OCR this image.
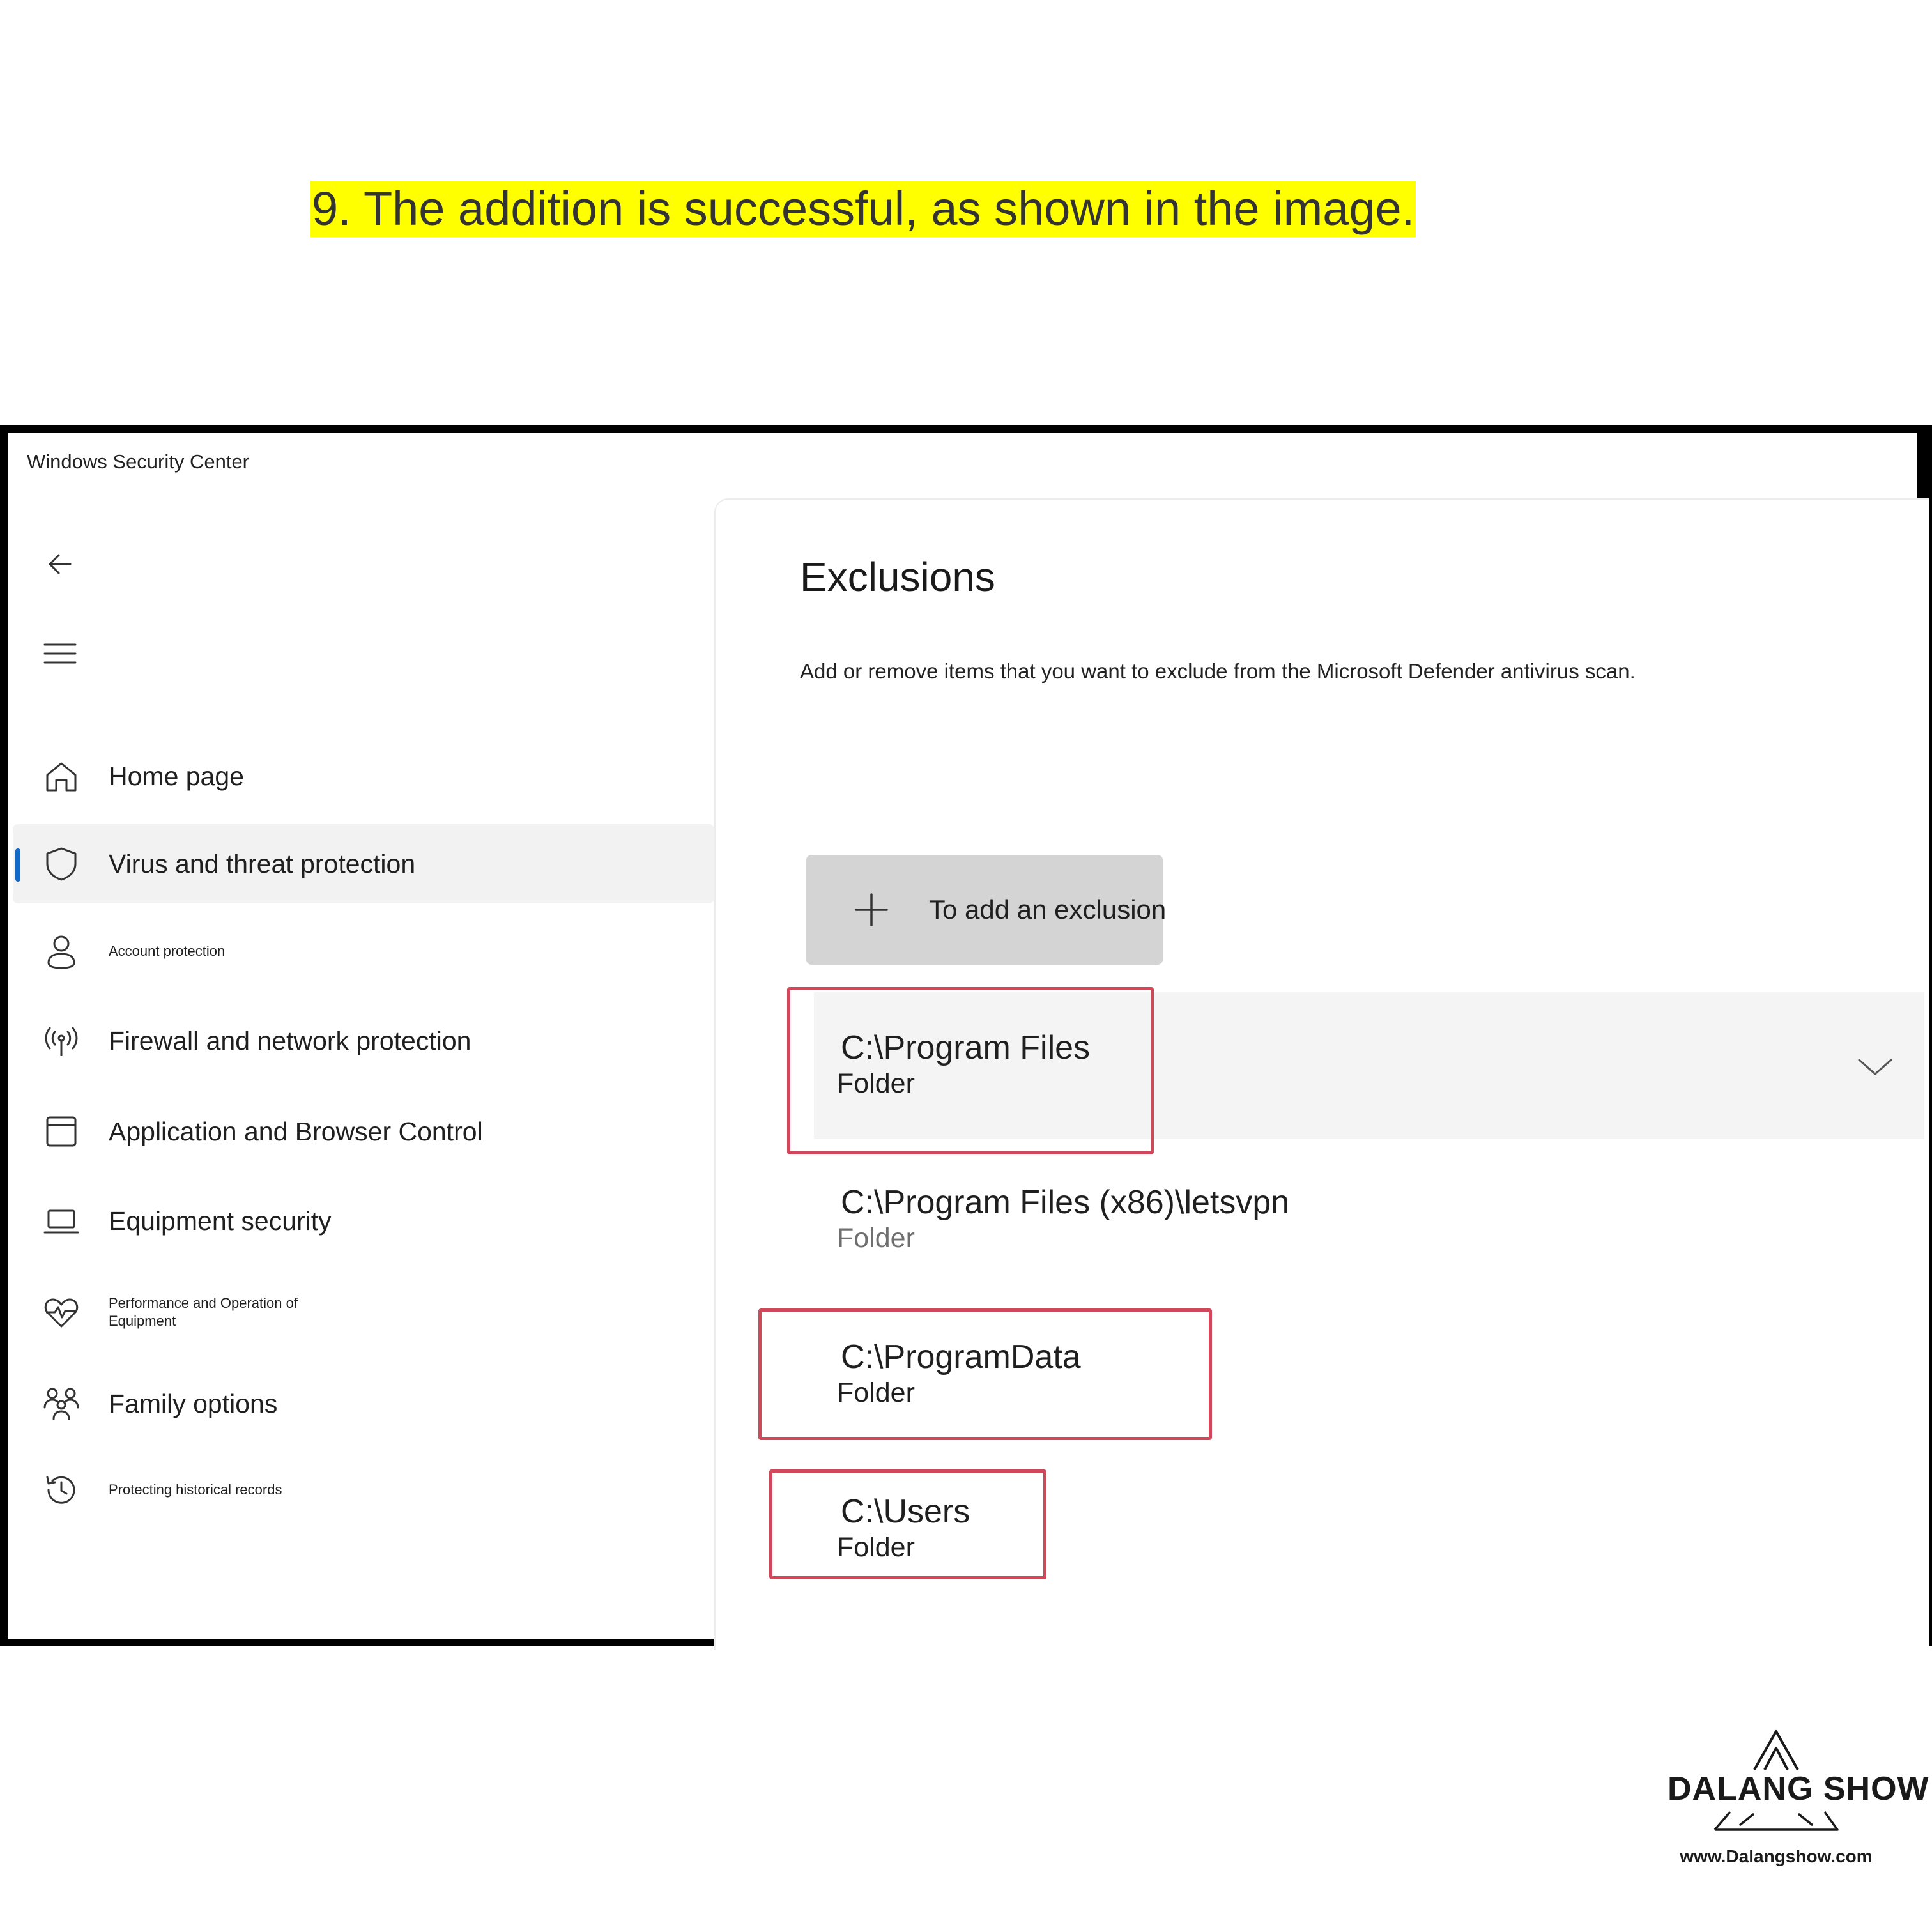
9. The addition is successful, as shown in the image.
Windows Security Center
Home page
Virus and threat protection
Account protection
Firewall and network protection
Application and Browser Control
Equipment security
Performance and Operation of Equipment
Family options
Protecting historical records
Exclusions
Add or remove items that you want to exclude from the Microsoft Defender antivirus scan.
To add an exclusion
C:\Program Files
Folder
C:\Program Files (x86)\letsvpn
Folder
C:\ProgramData
Folder
C:\Users
Folder
DALANG SHOW
www.Dalangshow.com
